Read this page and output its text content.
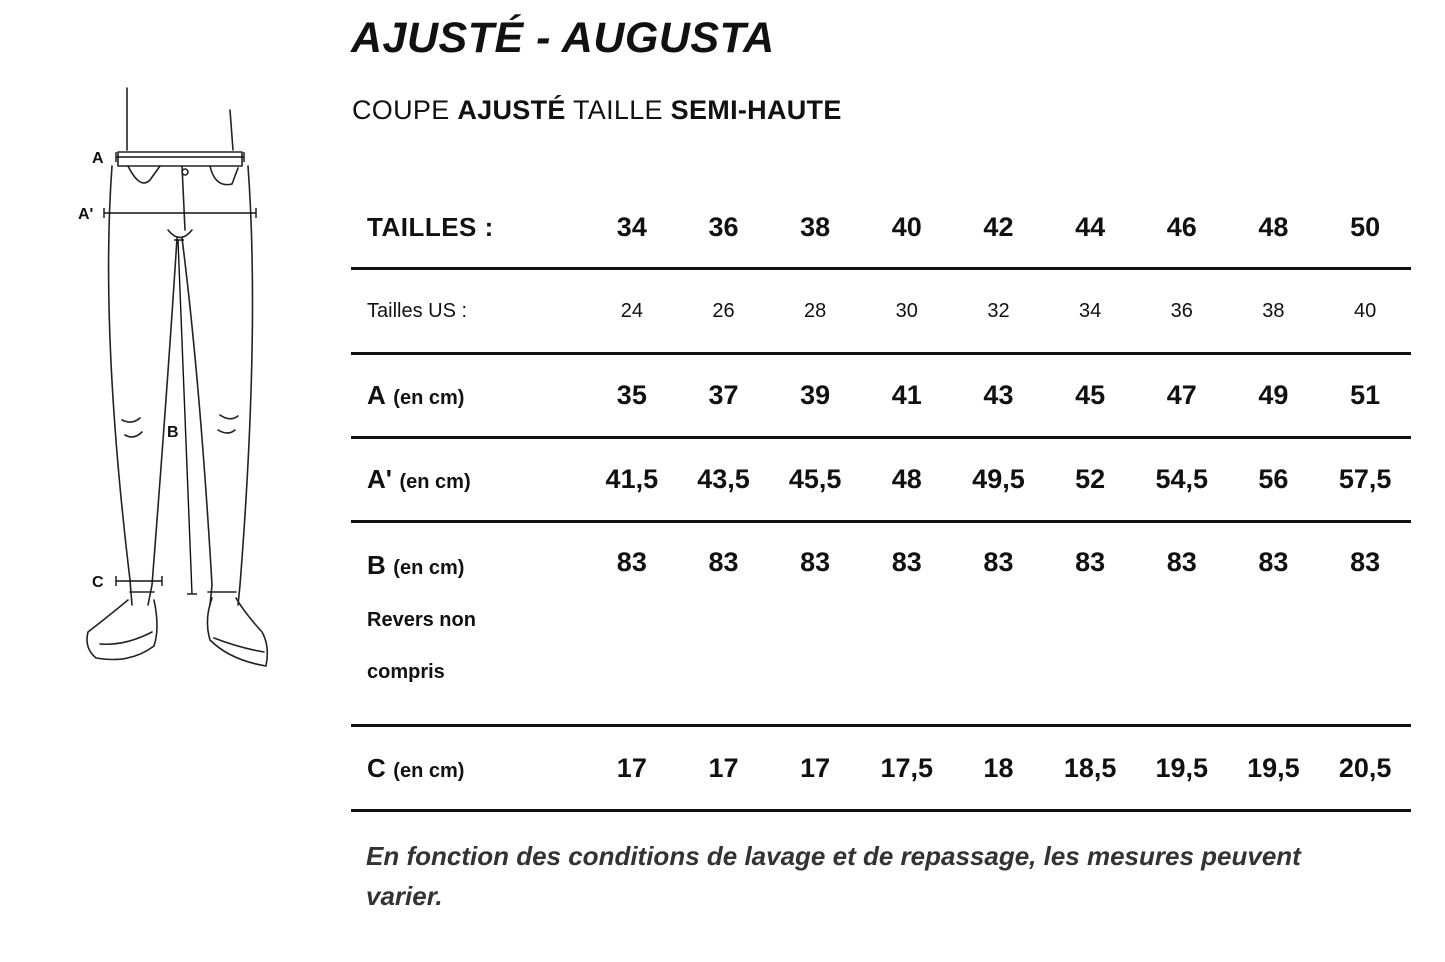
A
A'
B
C
AJUSTÉ - AUGUSTA
COUPE AJUSTÉ TAILLE SEMI-HAUTE
TAILLES :	34	36	38	40	42	44	46	48	50
Tailles US :	24	26	28	30	32	34	36	38	40
A (en cm)	35	37	39	41	43	45	47	49	51
A' (en cm)	41,5	43,5	45,5	48	49,5	52	54,5	56	57,5
B (en cm)
Revers non
compris	83	83	83	83	83	83	83	83	83
C (en cm)	17	17	17	17,5	18	18,5	19,5	19,5	20,5
En fonction des conditions de lavage et de repassage, les mesures peuvent varier.
